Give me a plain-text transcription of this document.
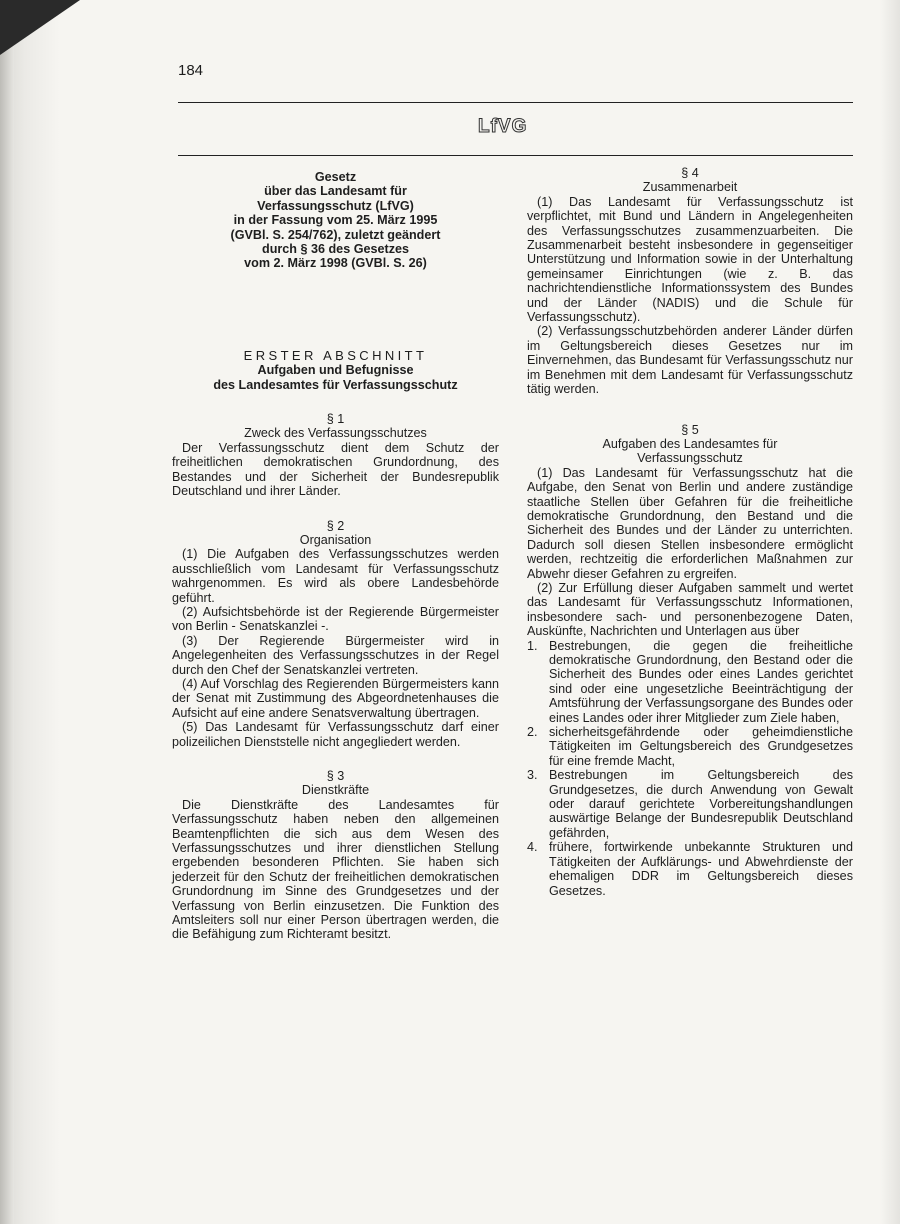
184
LfVG
Gesetz
über das Landesamt für
Verfassungsschutz (LfVG)
in der Fassung vom 25. März 1995
(GVBl. S. 254/762), zuletzt geändert
durch § 36 des Gesetzes
vom 2. März 1998 (GVBl. S. 26)
ERSTER ABSCHNITT
Aufgaben und Befugnisse
des Landesamtes für Verfassungsschutz
§ 1
Zweck des Verfassungsschutzes

Der Verfassungsschutz dient dem Schutz der freiheitlichen demokratischen Grundordnung, des Bestandes und der Sicherheit der Bundesrepublik Deutschland und ihrer Länder.

§ 2
Organisation

(1) Die Aufgaben des Verfassungsschutzes werden ausschließlich vom Landesamt für Verfassungsschutz wahrgenommen. Es wird als obere Landesbehörde geführt.

(2) Aufsichtsbehörde ist der Regierende Bürgermeister von Berlin - Senatskanzlei -.

(3) Der Regierende Bürgermeister wird in Angelegenheiten des Verfassungsschutzes in der Regel durch den Chef der Senatskanzlei vertreten.

(4) Auf Vorschlag des Regierenden Bürgermeisters kann der Senat mit Zustimmung des Abgeordnetenhauses die Aufsicht auf eine andere Senatsverwaltung übertragen.

(5) Das Landesamt für Verfassungsschutz darf einer polizeilichen Dienststelle nicht angegliedert werden.

§ 3
Dienstkräfte

Die Dienstkräfte des Landesamtes für Verfassungsschutz haben neben den allgemeinen Beamtenpflichten die sich aus dem Wesen des Verfassungsschutzes und ihrer dienstlichen Stellung ergebenden besonderen Pflichten. Sie haben sich jederzeit für den Schutz der freiheitlichen demokratischen Grundordnung im Sinne des Grundgesetzes und der Verfassung von Berlin einzusetzen. Die Funktion des Amtsleiters soll nur einer Person übertragen werden, die die Befähigung zum Richteramt besitzt.

§ 4
Zusammenarbeit

(1) Das Landesamt für Verfassungsschutz ist verpflichtet, mit Bund und Ländern in Angelegenheiten des Verfassungsschutzes zusammenzuarbeiten. Die Zusammenarbeit besteht insbesondere in gegenseitiger Unterstützung und Information sowie in der Unterhaltung gemeinsamer Einrichtungen (wie z. B. das nachrichtendienstliche Informationssystem des Bundes und der Länder (NADIS) und die Schule für Verfassungsschutz).

(2) Verfassungsschutzbehörden anderer Länder dürfen im Geltungsbereich dieses Gesetzes nur im Einvernehmen, das Bundesamt für Verfassungsschutz nur im Benehmen mit dem Landesamt für Verfassungsschutz tätig werden.

§ 5
Aufgaben des Landesamtes für
Verfassungsschutz

(1) Das Landesamt für Verfassungsschutz hat die Aufgabe, den Senat von Berlin und andere zuständige staatliche Stellen über Gefahren für die freiheitliche demokratische Grundordnung, den Bestand und die Sicherheit des Bundes und der Länder zu unterrichten. Dadurch soll diesen Stellen insbesondere ermöglicht werden, rechtzeitig die erforderlichen Maßnahmen zur Abwehr dieser Gefahren zu ergreifen.

(2) Zur Erfüllung dieser Aufgaben sammelt und wertet das Landesamt für Verfassungsschutz Informationen, insbesondere sach- und personenbezogene Daten, Auskünfte, Nachrichten und Unterlagen aus über

1. Bestrebungen, die gegen die freiheitliche demokratische Grundordnung, den Bestand oder die Sicherheit des Bundes oder eines Landes gerichtet sind oder eine ungesetzliche Beeinträchtigung der Amtsführung der Verfassungsorgane des Bundes oder eines Landes oder ihrer Mitglieder zum Ziele haben,
2. sicherheitsgefährdende oder geheimdienstliche Tätigkeiten im Geltungsbereich des Grundgesetzes für eine fremde Macht,
3. Bestrebungen im Geltungsbereich des Grundgesetzes, die durch Anwendung von Gewalt oder darauf gerichtete Vorbereitungshandlungen auswärtige Belange der Bundesrepublik Deutschland gefährden,
4. frühere, fortwirkende unbekannte Strukturen und Tätigkeiten der Aufklärungs- und Abwehrdienste der ehemaligen DDR im Geltungsbereich dieses Gesetzes.
